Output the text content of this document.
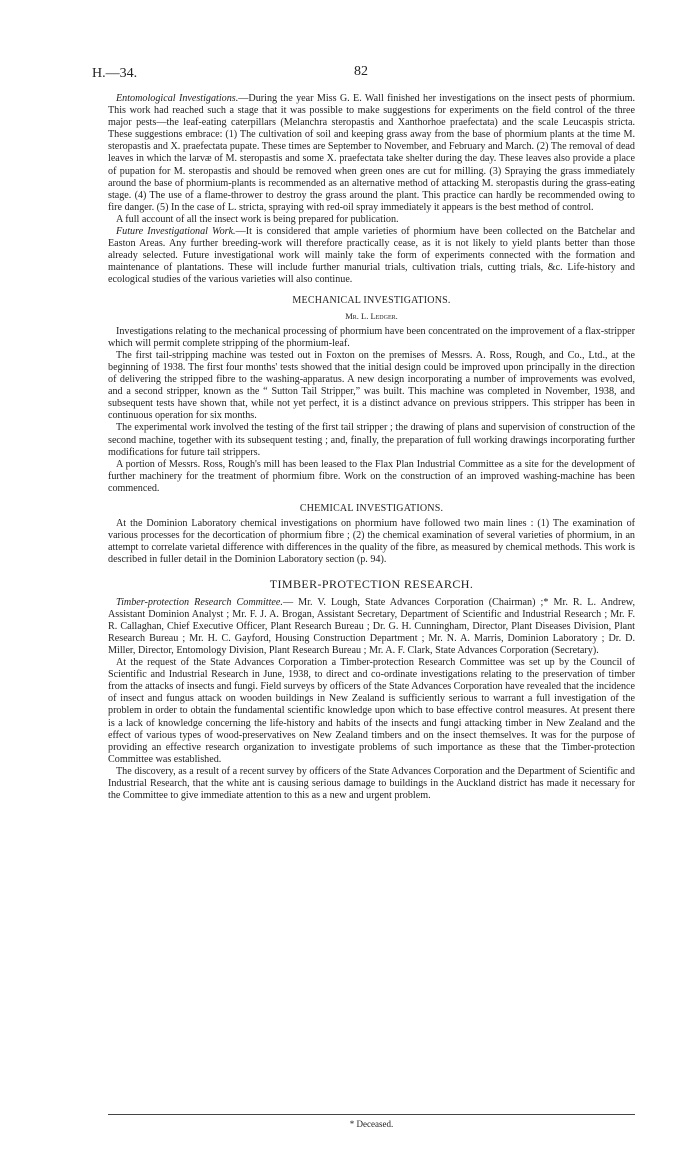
H.—34.	82

Entomological Investigations.—During the year Miss G. E. Wall finished her investigations on the insect pests of phormium. This work had reached such a stage that it was possible to make suggestions for experiments on the field control of the three major pests—the leaf-eating caterpillars (Melanchra steropastis and Xanthorhoe praefectata) and the scale Leucaspis stricta. These suggestions embrace: (1) The cultivation of soil and keeping grass away from the base of phormium plants at the time M. steropastis and X. praefectata pupate. These times are September to November, and February and March. (2) The removal of dead leaves in which the larvæ of M. steropastis and some X. praefectata take shelter during the day. These leaves also provide a place of pupation for M. steropastis and should be removed when green ones are cut for milling. (3) Spraying the grass immediately around the base of phormium-plants is recommended as an alternative method of attacking M. steropastis during the grass-eating stage. (4) The use of a flame-thrower to destroy the grass around the plant. This practice can hardly be recommended owing to fire danger. (5) In the case of L. stricta, spraying with red-oil spray immediately it appears is the best method of control.

A full account of all the insect work is being prepared for publication.

Future Investigational Work.—It is considered that ample varieties of phormium have been collected on the Batchelar and Easton Areas. Any further breeding-work will therefore practically cease, as it is not likely to yield plants better than those already selected. Future investigational work will mainly take the form of experiments connected with the formation and maintenance of plantations. These will include further manurial trials, cultivation trials, cutting trials, &c. Life-history and ecological studies of the various varieties will also continue.

MECHANICAL INVESTIGATIONS.
Mr. L. Ledger.

Investigations relating to the mechanical processing of phormium have been concentrated on the improvement of a flax-stripper which will permit complete stripping of the phormium-leaf.

The first tail-stripping machine was tested out in Foxton on the premises of Messrs. A. Ross, Rough, and Co., Ltd., at the beginning of 1938. The first four months' tests showed that the initial design could be improved upon principally in the direction of delivering the stripped fibre to the washing-apparatus. A new design incorporating a number of improvements was evolved, and a second stripper, known as the “ Sutton Tail Stripper,” was built. This machine was completed in November, 1938, and subsequent tests have shown that, while not yet perfect, it is a distinct advance on previous strippers. This stripper has been in continuous operation for six months.

The experimental work involved the testing of the first tail stripper ; the drawing of plans and supervision of construction of the second machine, together with its subsequent testing ; and, finally, the preparation of full working drawings incorporating further modifications for future tail strippers.

A portion of Messrs. Ross, Rough's mill has been leased to the Flax Plan Industrial Committee as a site for the development of further machinery for the treatment of phormium fibre. Work on the construction of an improved washing-machine has been commenced.

CHEMICAL INVESTIGATIONS.

At the Dominion Laboratory chemical investigations on phormium have followed two main lines : (1) The examination of various processes for the decortication of phormium fibre ; (2) the chemical examination of several varieties of phormium, in an attempt to correlate varietal difference with differences in the quality of the fibre, as measured by chemical methods. This work is described in fuller detail in the Dominion Laboratory section (p. 94).

TIMBER-PROTECTION RESEARCH.

Timber-protection Research Committee.— Mr. V. Lough, State Advances Corporation (Chairman) ;* Mr. R. L. Andrew, Assistant Dominion Analyst ; Mr. F. J. A. Brogan, Assistant Secretary, Department of Scientific and Industrial Research ; Mr. F. R. Callaghan, Chief Executive Officer, Plant Research Bureau ; Dr. G. H. Cunningham, Director, Plant Diseases Division, Plant Research Bureau ; Mr. H. C. Gayford, Housing Construction Department ; Mr. N. A. Marris, Dominion Laboratory ; Dr. D. Miller, Director, Entomology Division, Plant Research Bureau ; Mr. A. F. Clark, State Advances Corporation (Secretary).

At the request of the State Advances Corporation a Timber-protection Research Committee was set up by the Council of Scientific and Industrial Research in June, 1938, to direct and co-ordinate investigations relating to the preservation of timber from the attacks of insects and fungi. Field surveys by officers of the State Advances Corporation have revealed that the incidence of insect and fungus attack on wooden buildings in New Zealand is sufficiently serious to warrant a full investigation of the problem in order to obtain the fundamental scientific knowledge upon which to base effective control measures. At present there is a lack of knowledge concerning the life-history and habits of the insects and fungi attacking timber in New Zealand and the effect of various types of wood-preservatives on New Zealand timbers and on the insect themselves. It was for the purpose of providing an effective research organization to investigate problems of such importance as these that the Timber-protection Committee was established.

The discovery, as a result of a recent survey by officers of the State Advances Corporation and the Department of Scientific and Industrial Research, that the white ant is causing serious damage to buildings in the Auckland district has made it necessary for the Committee to give immediate attention to this as a new and urgent problem.

* Deceased.
